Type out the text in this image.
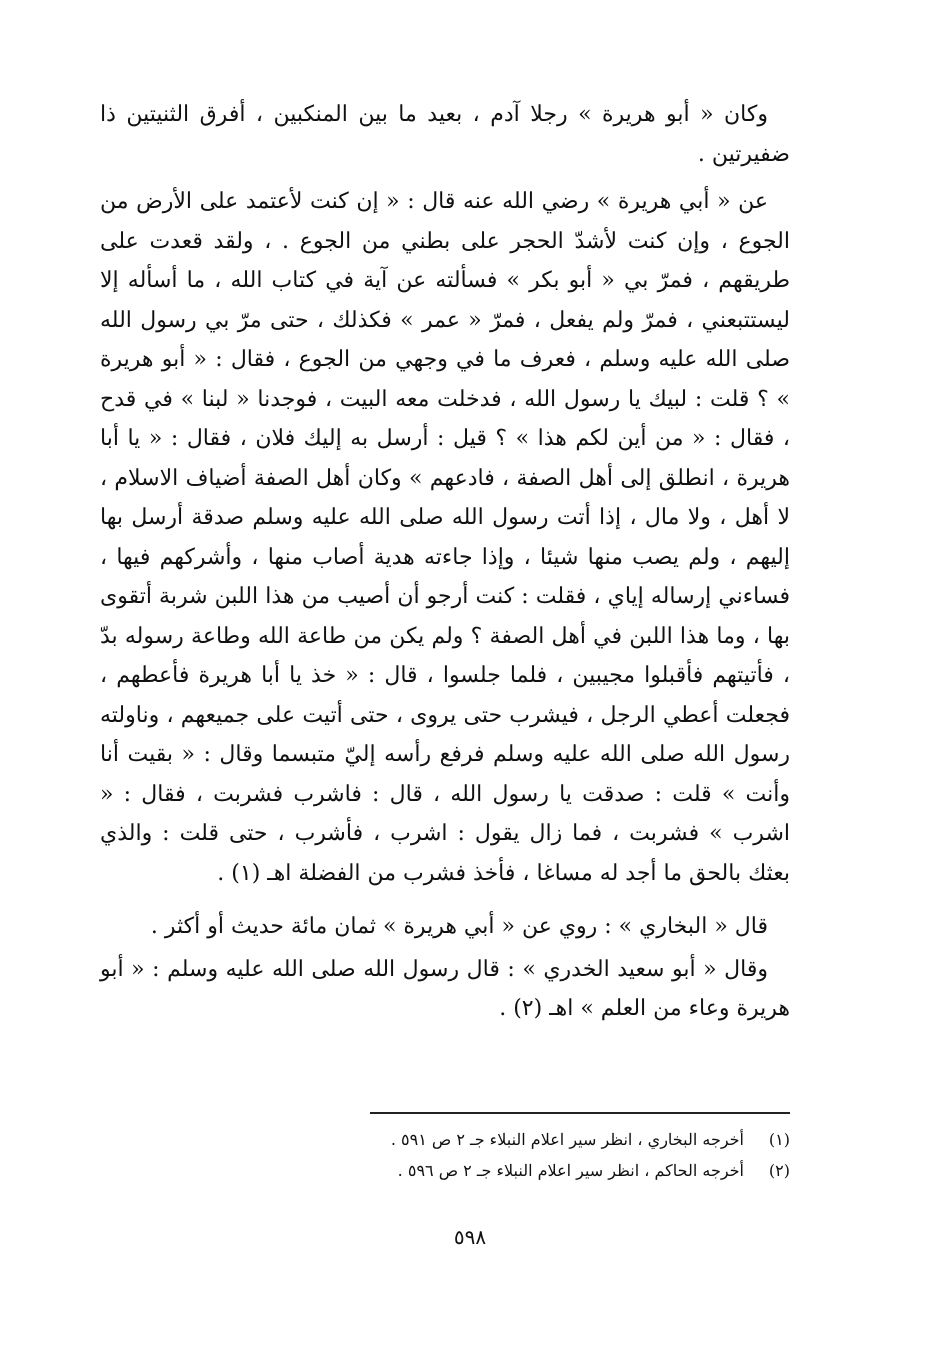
وكان « أبو هريرة » رجلا آدم ، بعيد ما بين المنكبين ، أفرق الثنيتين ذا ضفيرتين .

عن « أبي هريرة » رضي الله عنه قال : « إن كنت لأعتمد على الأرض من الجوع ، وإن كنت لأشدّ الحجر على بطني من الجوع . ، ولقد قعدت على طريقهم ، فمرّ بي « أبو بكر » فسألته عن آية في كتاب الله ، ما أسأله إلا ليستتبعني ، فمرّ ولم يفعل ، فمرّ « عمر » فكذلك ، حتى مرّ بي رسول الله صلى الله عليه وسلم ، فعرف ما في وجهي من الجوع ، فقال : « أبو هريرة » ؟ قلت : لبيك يا رسول الله ، فدخلت معه البيت ، فوجدنا « لبنا » في قدح ، فقال : « من أين لكم هذا » ؟ قيل : أرسل به إليك فلان ، فقال : « يا أبا هريرة ، انطلق إلى أهل الصفة ، فادعهم » وكان أهل الصفة أضياف الاسلام ، لا أهل ، ولا مال ، إذا أتت رسول الله صلى الله عليه وسلم صدقة أرسل بها إليهم ، ولم يصب منها شيئا ، وإذا جاءته هدية أصاب منها ، وأشركهم فيها ، فساءني إرساله إياي ، فقلت : كنت أرجو أن أصيب من هذا اللبن شربة أتقوى بها ، وما هذا اللبن في أهل الصفة ؟ ولم يكن من طاعة الله وطاعة رسوله بدّ ، فأتيتهم فأقبلوا مجيبين ، فلما جلسوا ، قال : « خذ يا أبا هريرة فأعطهم ، فجعلت أعطي الرجل ، فيشرب حتى يروى ، حتى أتيت على جميعهم ، وناولته رسول الله صلى الله عليه وسلم فرفع رأسه إليّ متبسما وقال : « بقيت أنا وأنت » قلت : صدقت يا رسول الله ، قال : فاشرب فشربت ، فقال : « اشرب » فشربت ، فما زال يقول : اشرب ، فأشرب ، حتى قلت : والذي بعثك بالحق ما أجد له مساغا ، فأخذ فشرب من الفضلة اهـ (١) .

قال « البخاري » : روي عن « أبي هريرة » ثمان مائة حديث أو أكثر .

وقال « أبو سعيد الخدري » : قال رسول الله صلى الله عليه وسلم : « أبو هريرة وعاء من العلم » اهـ (٢) .

(١)أخرجه البخاري ، انظر سير اعلام النبلاء جـ ٢ ص ٥٩١ .
(٢)أخرجه الحاكم ، انظر سير اعلام النبلاء جـ ٢ ص ٥٩٦ .
٥٩٨
